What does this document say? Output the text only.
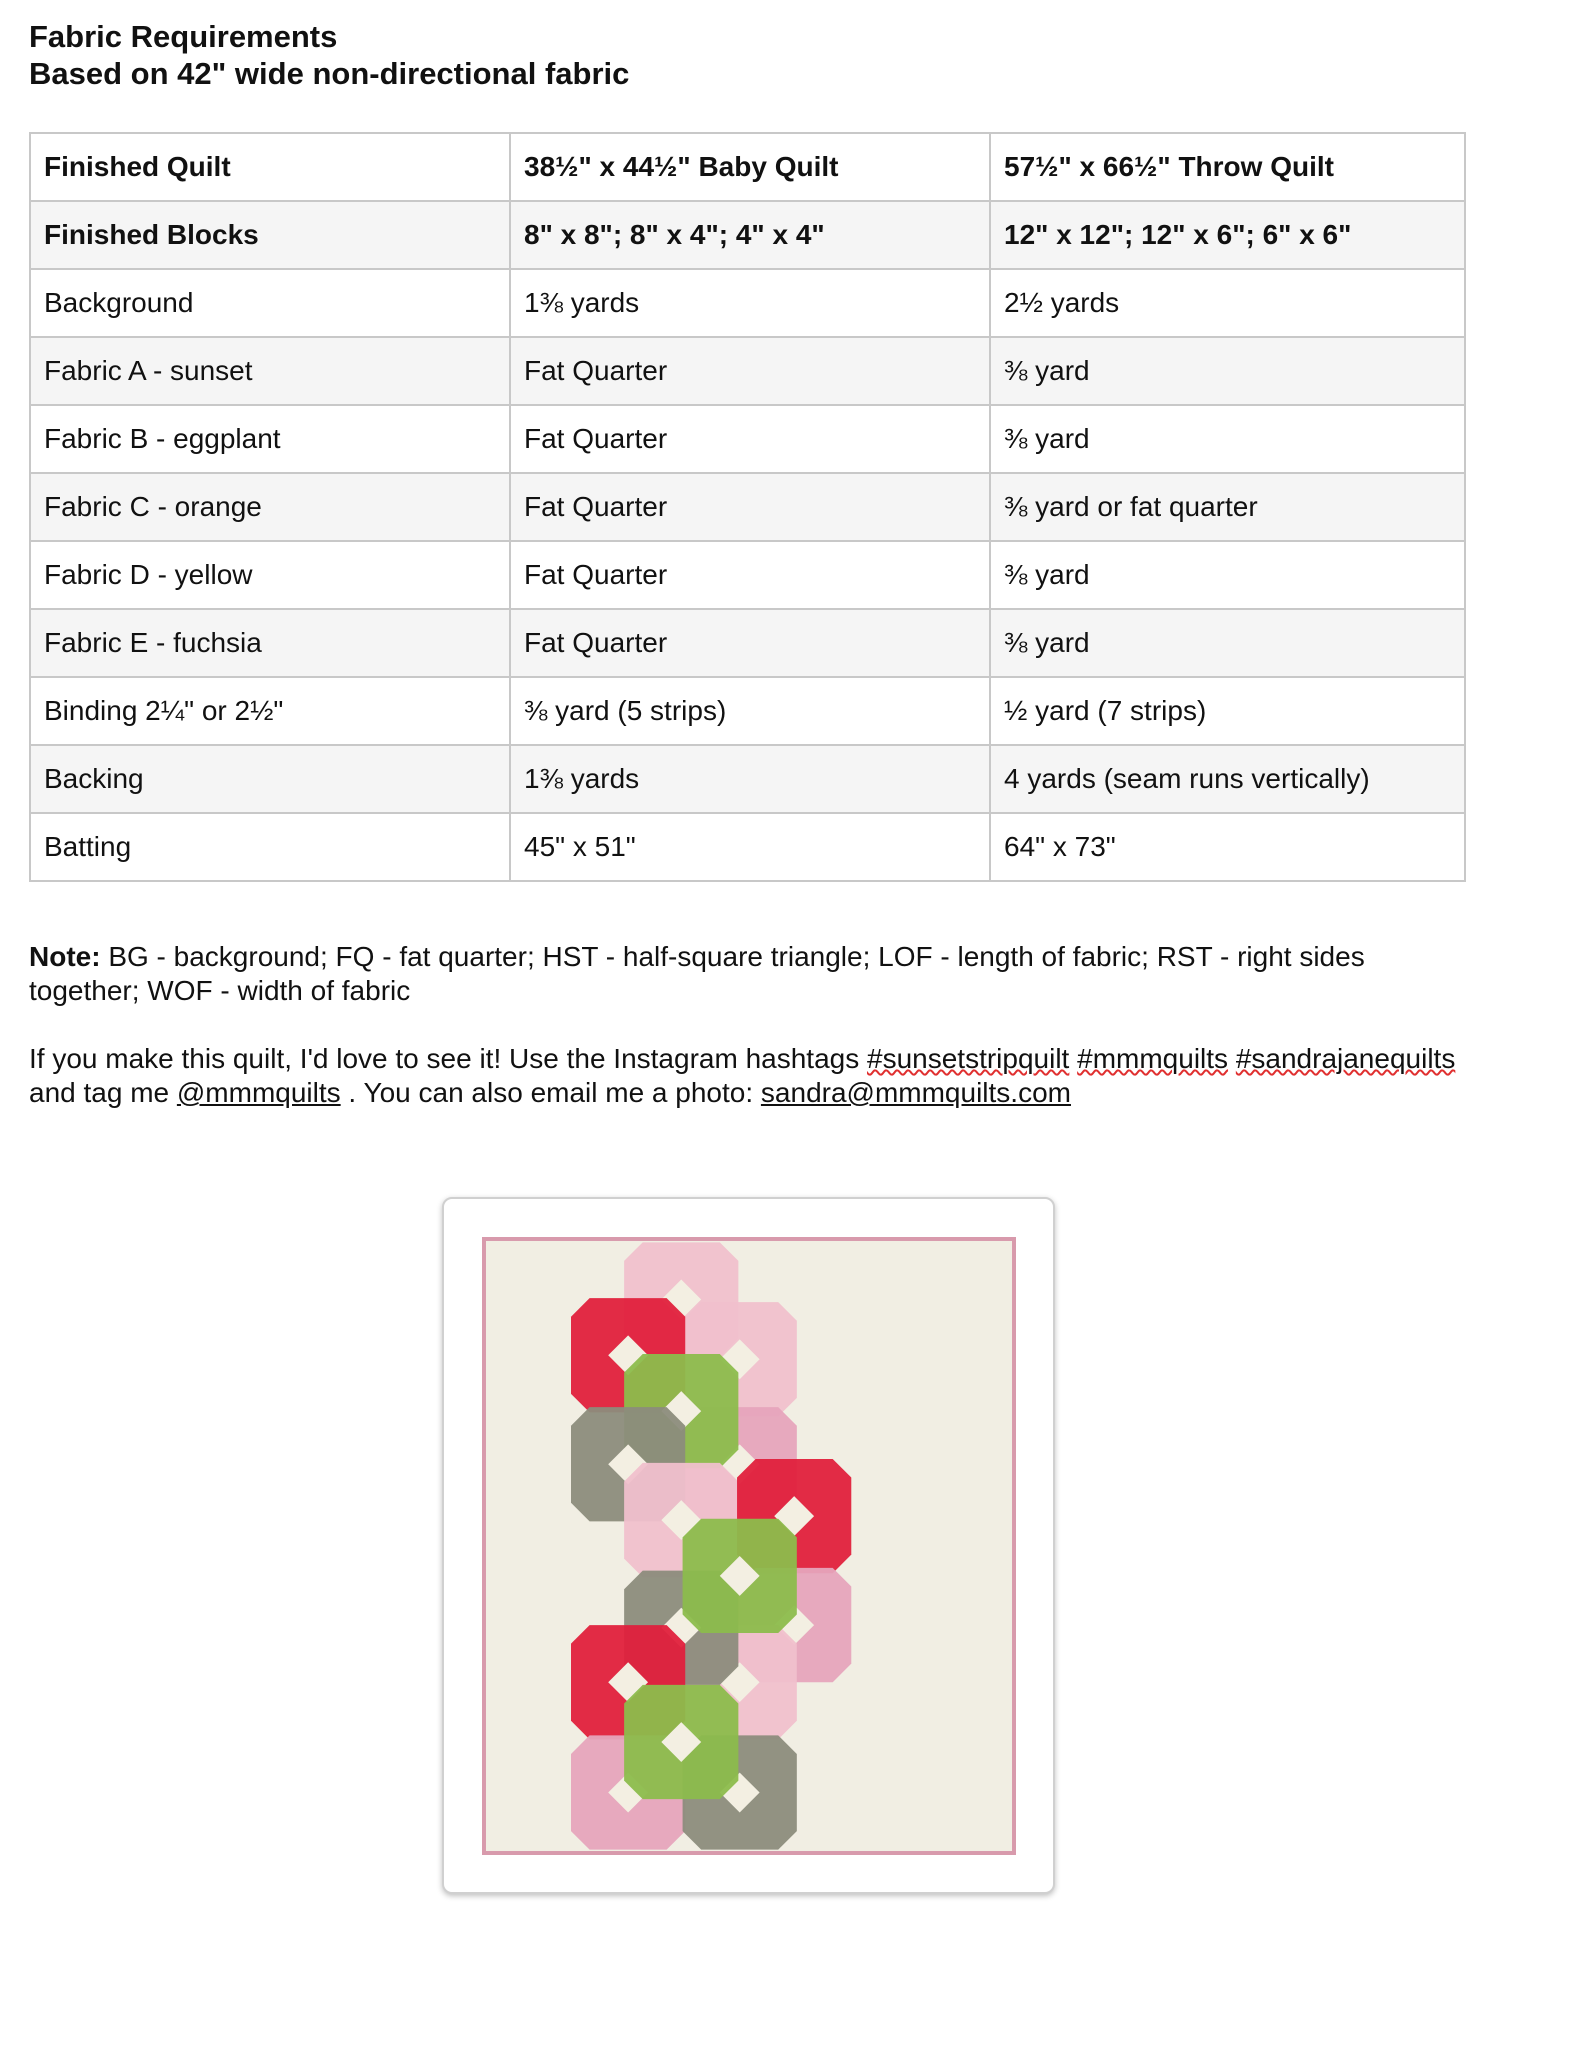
Fabric Requirements
Based on 42" wide non-directional fabric
Finished Quilt	38½" x 44½" Baby Quilt	57½" x 66½" Throw Quilt
Finished Blocks	8" x 8"; 8" x 4"; 4" x 4"	12" x 12"; 12" x 6"; 6" x 6"
Background	1⅜ yards	2½ yards
Fabric A - sunset	Fat Quarter	⅜ yard
Fabric B - eggplant	Fat Quarter	⅜ yard
Fabric C - orange	Fat Quarter	⅜ yard or fat quarter
Fabric D - yellow	Fat Quarter	⅜ yard
Fabric E - fuchsia	Fat Quarter	⅜ yard
Binding 2¼" or 2½"	⅜ yard (5 strips)	½ yard (7 strips)
Backing	1⅜ yards	4 yards (seam runs vertically)
Batting	45" x 51"	64" x 73"
Note: BG - background; FQ - fat quarter; HST - half-square triangle; LOF - length of fabric; RST - right sides together; WOF - width of fabric
If you make this quilt, I'd love to see it! Use the Instagram hashtags #sunsetstripquilt #mmmquilts #sandrajanequilts and tag me @mmmquilts . You can also email me a photo: sandra@mmmquilts.com
